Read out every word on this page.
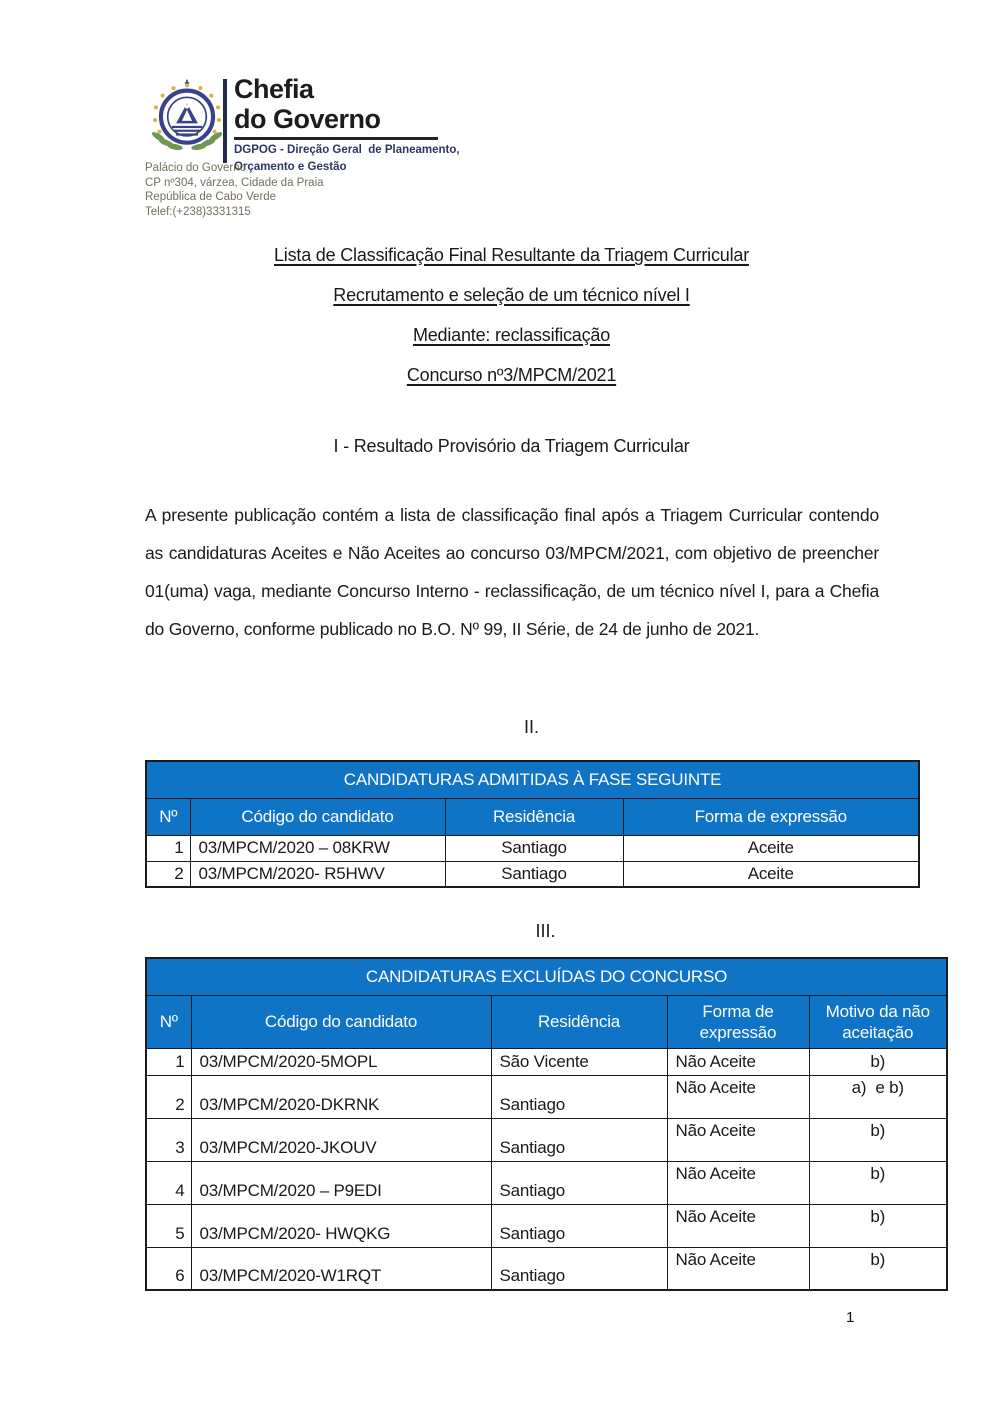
Chefia
do Governo
DGPOG - Direção Geral  de Planeamento,
Orçamento e Gestão
Palácio do Governo
CP nº304, várzea, Cidade da Praia
República de Cabo Verde
Telef:(+238)3331315
Lista de Classificação Final Resultante da Triagem Curricular
Recrutamento e seleção de um técnico nível I
Mediante: reclassificação
Concurso nº3/MPCM/2021
I - Resultado Provisório da Triagem Curricular

A presente publicação contém a lista de classificação final após a Triagem Curricular contendo as candidaturas Aceites e Não Aceites ao concurso 03/MPCM/2021, com objetivo de preencher 01(uma) vaga, mediante Concurso Interno - reclassificação, de um técnico nível I, para a Chefia do Governo, conforme publicado no B.O. Nº 99, II Série, de 24 de junho de 2021.

II.
CANDIDATURAS ADMITIDAS À FASE SEGUINTE			
Nº	Código do candidato	Residência	Forma de expressão
1	03/MPCM/2020 – 08KRW	Santiago	Aceite
2	03/MPCM/2020- R5HWV	Santiago	Aceite
III.
CANDIDATURAS EXCLUÍDAS DO CONCURSO				
Nº	Código do candidato	Residência	Forma de expressão	Motivo da não aceitação
1	03/MPCM/2020-5MOPL	São Vicente	Não Aceite	b)
2	03/MPCM/2020-DKRNK	Santiago	Não Aceite	a)  e b)
3	03/MPCM/2020-JKOUV	Santiago	Não Aceite	b)
4	03/MPCM/2020 – P9EDI	Santiago	Não Aceite	b)
5	03/MPCM/2020- HWQKG	Santiago	Não Aceite	b)
6	03/MPCM/2020-W1RQT	Santiago	Não Aceite	b)
1
